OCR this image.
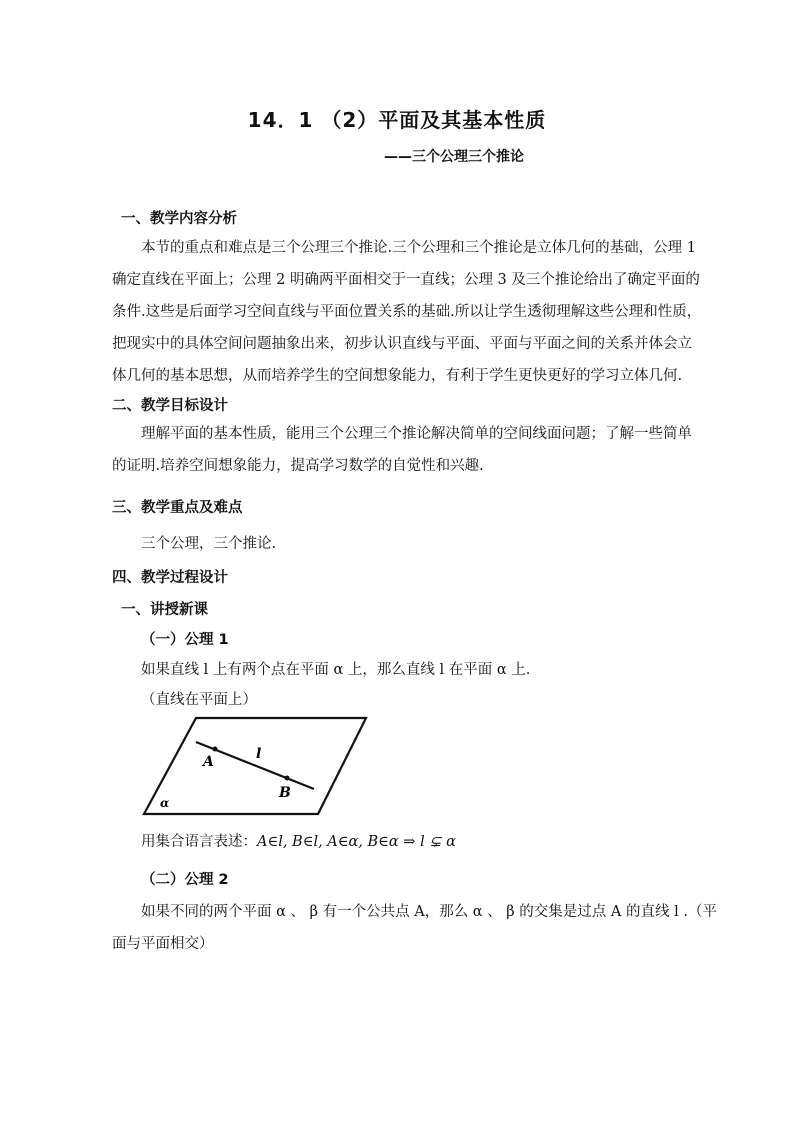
14．1 （2）平面及其基本性质
——三个公理三个推论
一、教学内容分析
本节的重点和难点是三个公理三个推论.三个公理和三个推论是立体几何的基础，公理 1
确定直线在平面上；公理 2 明确两平面相交于一直线；公理 3 及三个推论给出了确定平面的
条件.这些是后面学习空间直线与平面位置关系的基础.所以让学生透彻理解这些公理和性质，
把现实中的具体空间问题抽象出来，初步认识直线与平面、平面与平面之间的关系并体会立
体几何的基本思想，从而培养学生的空间想象能力，有利于学生更快更好的学习立体几何.
二、教学目标设计
理解平面的基本性质，能用三个公理三个推论解决简单的空间线面问题；了解一些简单
的证明.培养空间想象能力，提高学习数学的自觉性和兴趣.
三、教学重点及难点
三个公理，三个推论.
四、教学过程设计
一、讲授新课
（一）公理 1
如果直线 l 上有两个点在平面 α 上，那么直线 l 在平面 α 上.
（直线在平面上）
A
B
l
α
用集合语言表述：A∈l, B∈l, A∈α, B∈α ⇒ l ⊊ α
（二）公理 2
如果不同的两个平面 α 、 β 有一个公共点 A，那么 α 、 β 的交集是过点 A 的直线 l .（平
面与平面相交）
